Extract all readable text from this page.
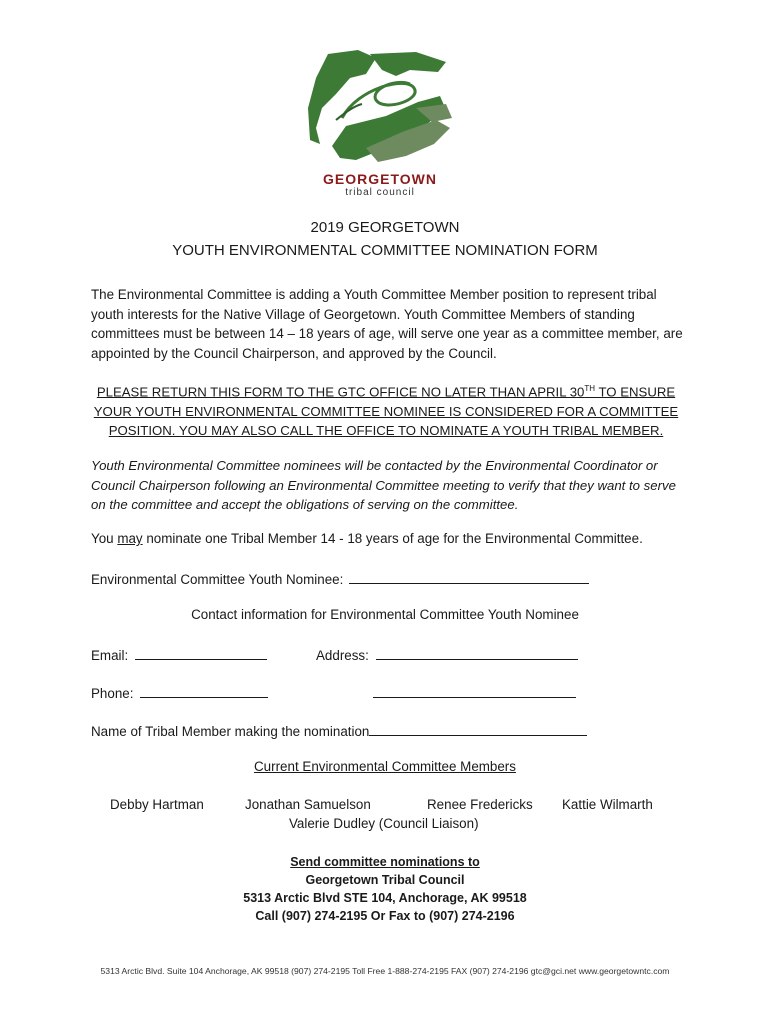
GEORGETOWN
tribal council
2019 GEORGETOWN
YOUTH ENVIRONMENTAL COMMITTEE NOMINATION FORM

The Environmental Committee is adding a Youth Committee Member position to represent tribal youth interests for the Native Village of Georgetown. Youth Committee Members of standing committees must be between 14 – 18 years of age, will serve one year as a committee member, are appointed by the Council Chairperson, and approved by the Council.

PLEASE RETURN THIS FORM TO THE GTC OFFICE NO LATER THAN APRIL 30TH TO ENSURE YOUR YOUTH ENVIRONMENTAL COMMITTEE NOMINEE IS CONSIDERED FOR A COMMITTEE POSITION. YOU MAY ALSO CALL THE OFFICE TO NOMINATE A YOUTH TRIBAL MEMBER.

Youth Environmental Committee nominees will be contacted by the Environmental Coordinator or Council Chairperson following an Environmental Committee meeting to verify that they want to serve on the committee and accept the obligations of serving on the committee.

You may nominate one Tribal Member 14 - 18 years of age for the Environmental Committee.
Environmental Committee Youth Nominee:
Contact information for Environmental Committee Youth Nominee
Email:	Address:
Phone:
Name of Tribal Member making the nomination
Current Environmental Committee Members
Debby Hartman	Jonathan Samuelson	Renee Fredericks Kattie Wilmarth
Valerie Dudley (Council Liaison)
Send committee nominations to
Georgetown Tribal Council
5313 Arctic Blvd STE 104, Anchorage, AK 99518
Call (907) 274-2195 Or Fax to (907) 274-2196
5313 Arctic Blvd. Suite 104 Anchorage, AK 99518 (907) 274-2195 Toll Free 1-888-274-2195 FAX (907) 274-2196 gtc@gci.net www.georgetowntc.com
